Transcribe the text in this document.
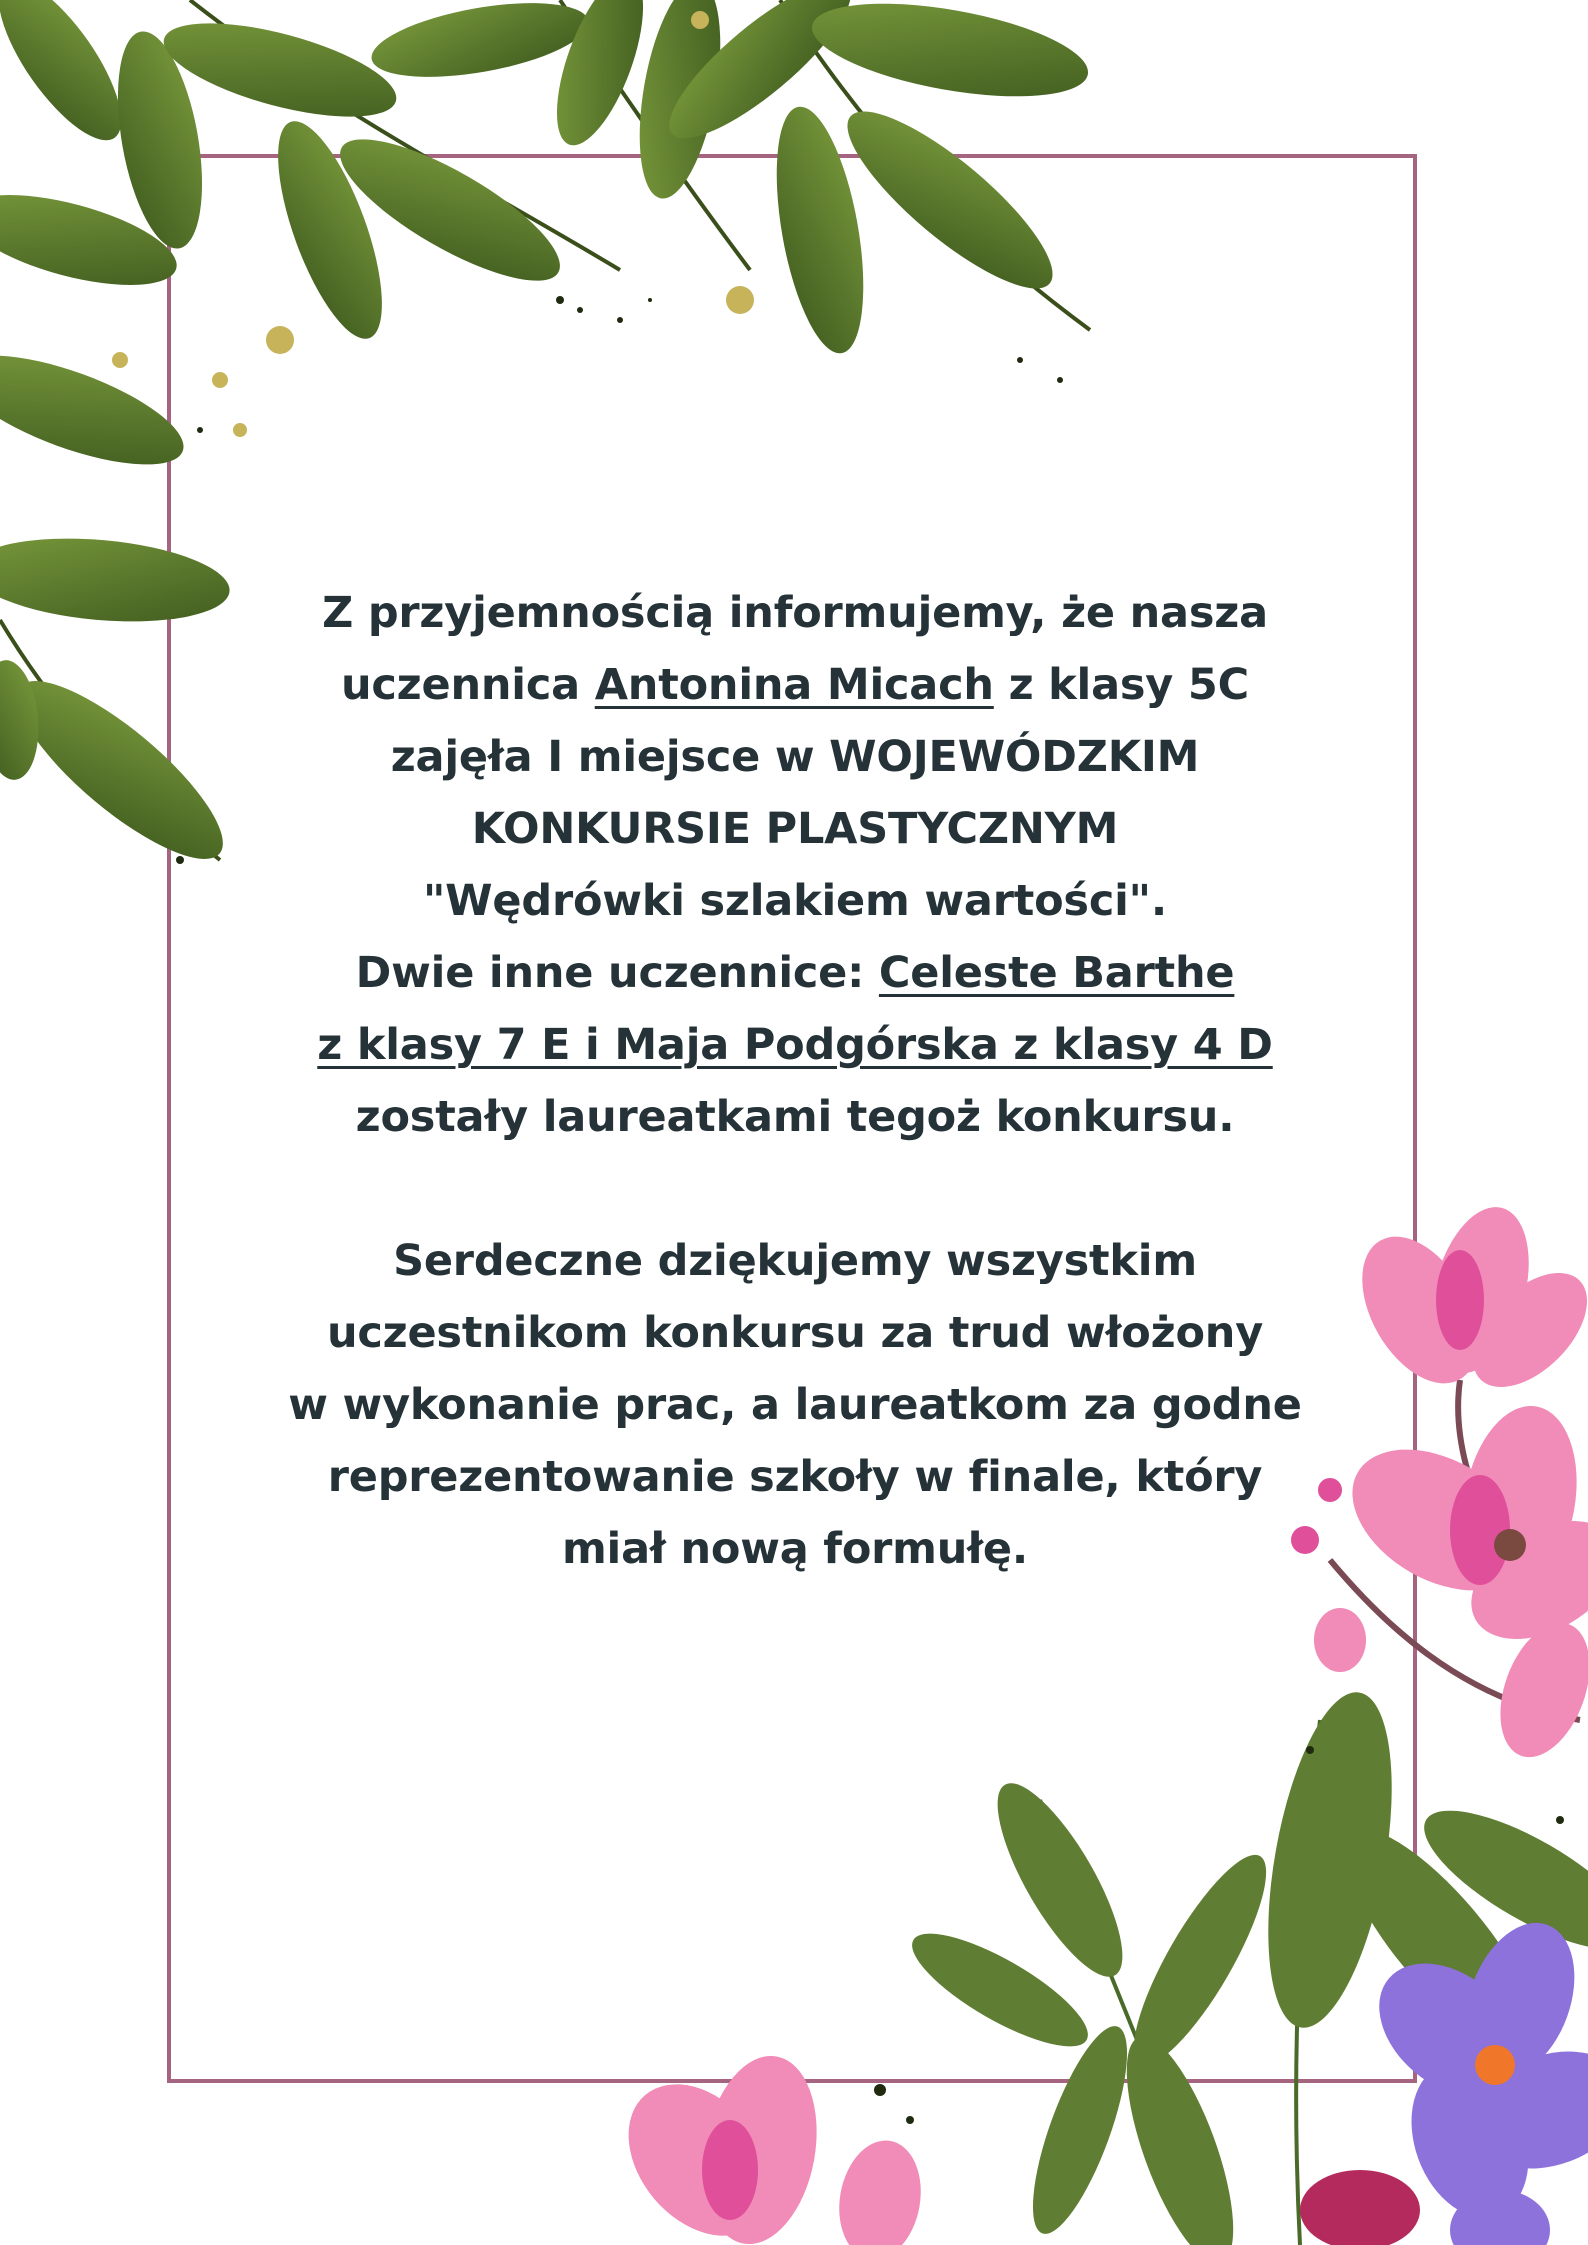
Z przyjemnością informujemy, że nasza
uczennica Antonina Micach z klasy 5C
zajęła I miejsce w WOJEWÓDZKIM
KONKURSIE PLASTYCZNYM
"Wędrówki szlakiem wartości".
Dwie inne uczennice: Celeste Barthe
z klasy 7 E i Maja Podgórska z klasy 4 D
zostały laureatkami tegoż konkursu.
Serdeczne dziękujemy wszystkim
uczestnikom konkursu za trud włożony
w wykonanie prac, a laureatkom za godne
reprezentowanie szkoły w finale, który
miał nową formułę.
